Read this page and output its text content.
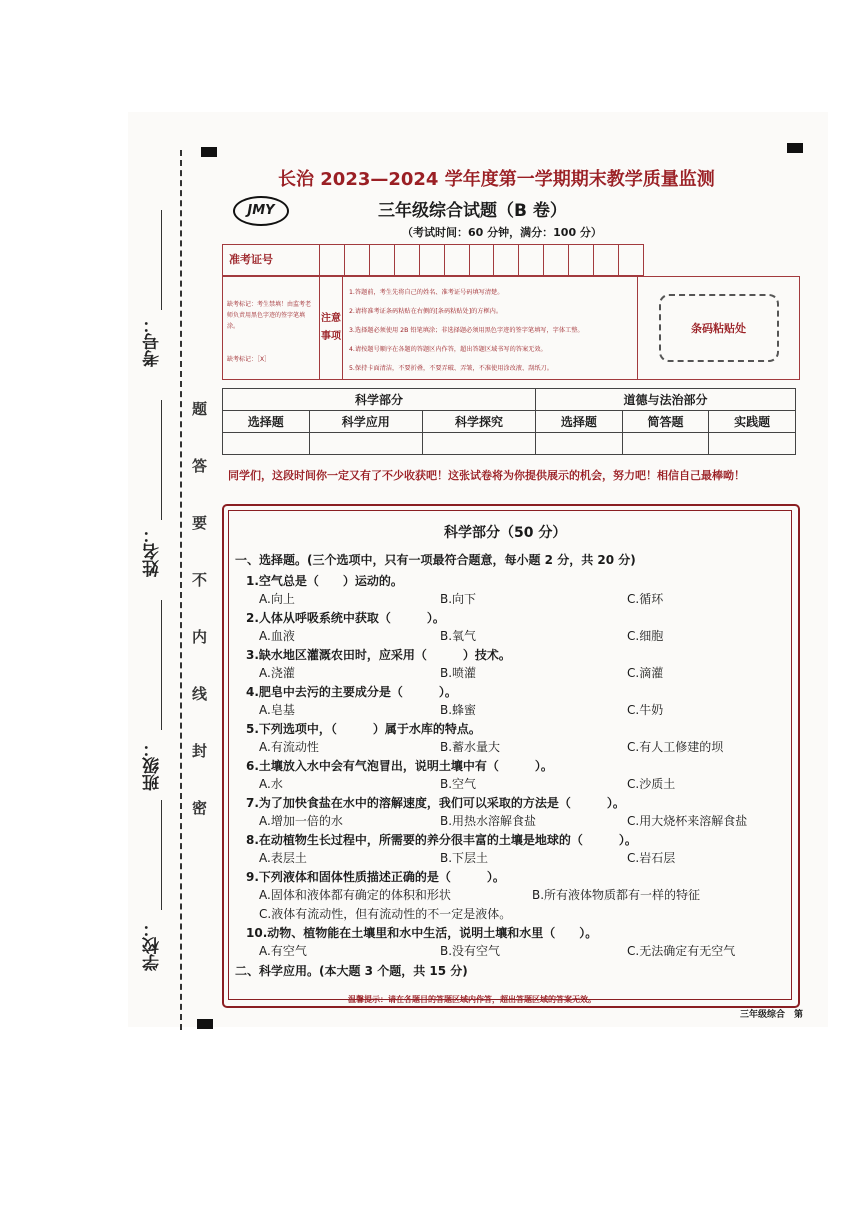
考号：
姓名：
班级：
学校：
题
答
要
不
内
线
封
密
长治 2023—2024 学年度第一学期期末教学质量监测
JMY	三年级综合试题（B 卷）
（考试时间：60 分钟，满分：100 分）
准考证号
缺考标记：考生禁填！由监考老师负责用黑色字迹的签字笔填涂。
缺考标记：［X］
注意事项
1.答题前，考生先将自己的姓名、准考证号码填写清楚。
2.请将准考证条码粘贴在右侧的[条码粘贴处]的方框内。
3.选择题必须使用 2B 铅笔填涂；非选择题必须用黑色字迹的签字笔填写，字体工整。
4.请按题号顺序在各题的答题区内作答，超出答题区域书写的答案无效。
5.保持卡面清洁，不要折叠，不要弄破、弄皱，不准使用涂改液、刮纸刀。
条码粘贴处
科学部分			道德与法治部分		
选择题	科学应用	科学探究	选择题	简答题	实践题

同学们，这段时间你一定又有了不少收获吧！这张试卷将为你提供展示的机会，努力吧！相信自己最棒呦！
科学部分（50 分）
一、选择题。(三个选项中，只有一项最符合题意，每小题 2 分，共 20 分)
1.空气总是（　　）运动的。
A.向上	B.向下	C.循环
2.人体从呼吸系统中获取（　　　）。
A.血液	B.氧气	C.细胞
3.缺水地区灌溉农田时，应采用（　　　）技术。
A.浇灌	B.喷灌	C.滴灌
4.肥皂中去污的主要成分是（　　　）。
A.皂基	B.蜂蜜	C.牛奶
5.下列选项中，（　　　）属于水库的特点。
A.有流动性	B.蓄水量大	C.有人工修建的坝
6.土壤放入水中会有气泡冒出，说明土壤中有（　　　）。
A.水	B.空气	C.沙质土
7.为了加快食盐在水中的溶解速度，我们可以采取的方法是（　　　）。
A.增加一倍的水	B.用热水溶解食盐	C.用大烧杯来溶解食盐
8.在动植物生长过程中，所需要的养分很丰富的土壤是地球的（　　　）。
A.表层土	B.下层土	C.岩石层
9.下列液体和固体性质描述正确的是（　　　）。
A.固体和液体都有确定的体积和形状	B.所有液体物质都有一样的特征
C.液体有流动性，但有流动性的不一定是液体。
10.动物、植物能在土壤里和水中生活，说明土壤和水里（　　）。
A.有空气	B.没有空气	C.无法确定有无空气
二、科学应用。(本大题 3 个题，共 15 分)
温馨提示：请在各题目的答题区域内作答，超出答题区域的答案无效。
三年级综合　第
